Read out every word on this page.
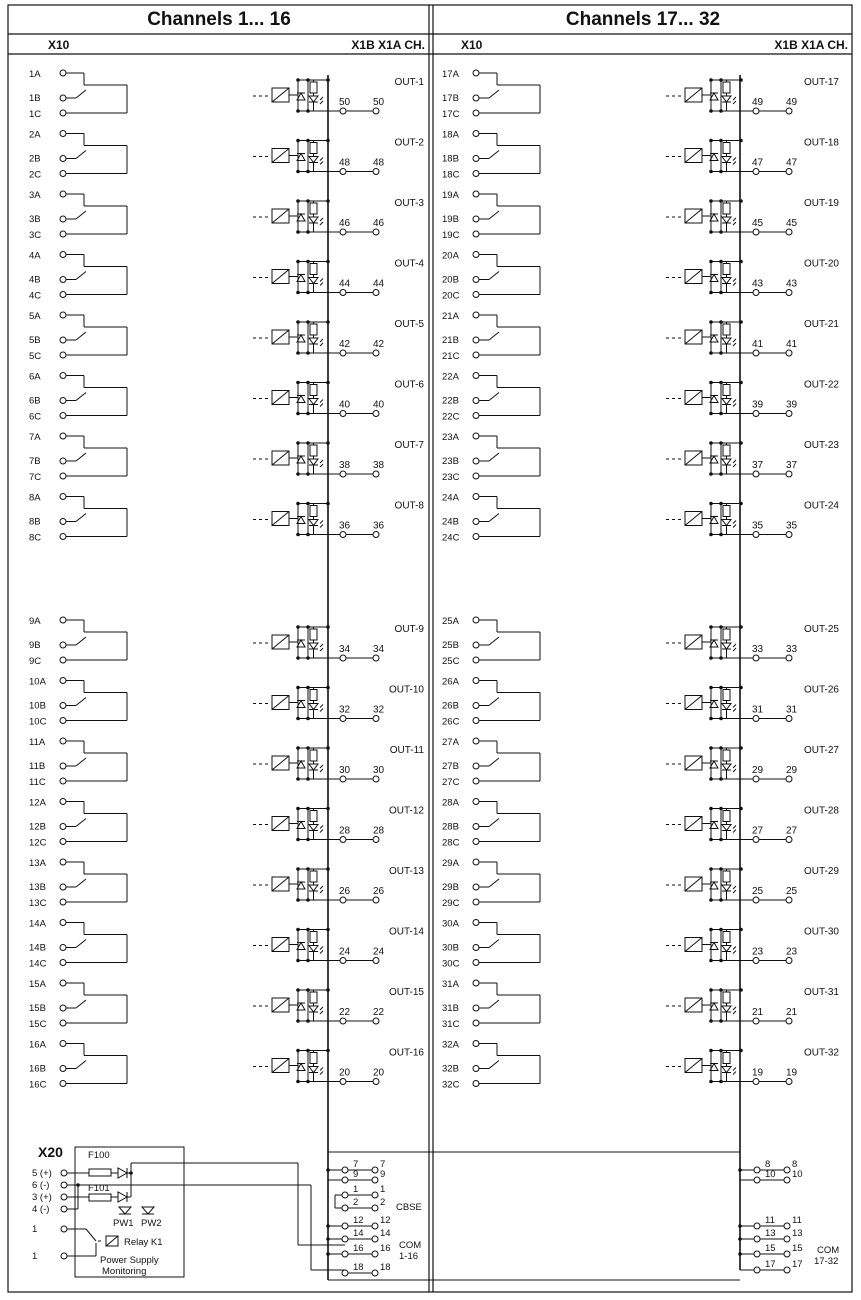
Channels 1... 16	Channels 17... 32
X10	X1B X1A CH.	X10	X1B X1A CH.
1A
1B
1C
50 50
OUT-1
2A
2B
2C
48 48
OUT-2
3A
3B
3C
46 46
OUT-3
4A
4B
4C
44 44
OUT-4
5A
5B
5C
42 42
OUT-5
6A
6B
6C
40 40
OUT-6
7A
7B
7C
38 38
OUT-7
8A
8B
8C
36 36
OUT-8
9A
9B
9C
34 34
OUT-9
10A
10B
10C
32 32
OUT-10
11A
11B
11C
30 30
OUT-11
12A
12B
12C
28 28
OUT-12
13A
13B
13C
26 26
OUT-13
14A
14B
14C
24 24
OUT-14
15A
15B
15C
22 22
OUT-15
16A
16B
16C
20 20
OUT-16
17A
17B
17C
49 49
OUT-17
18A
18B
18C
47 47
OUT-18
19A
19B
19C
45 45
OUT-19
20A
20B
20C
43 43
OUT-20
21A
21B
21C
41 41
OUT-21
22A
22B
22C
39 39
OUT-22
23A
23B
23C
37 37
OUT-23
24A
24B
24C
35 35
OUT-24
25A
25B
25C
33 33
OUT-25
26A
26B
26C
31 31
OUT-26
27A
27B
27C
29 29
OUT-27
28A
28B
28C
27 27
OUT-28
29A
29B
29C
25 25
OUT-29
30A
30B
30C
23 23
OUT-30
31A
31B
31C
21 21
OUT-31
32A
32B
32C
19 19
OUT-32
X20
5 (+)
6 (-)
3 (+)
4 (-)
1
1
F100
F101
PW1 PW2
Relay K1
Power Supply
Monitoring
7 7
9 9
1 1
2 2
12 12
14 14
16 16
18 18
8 8
10 10
11 11
13 13
15 15
17 17
CBSE
COM
1-16
COM
17-32
